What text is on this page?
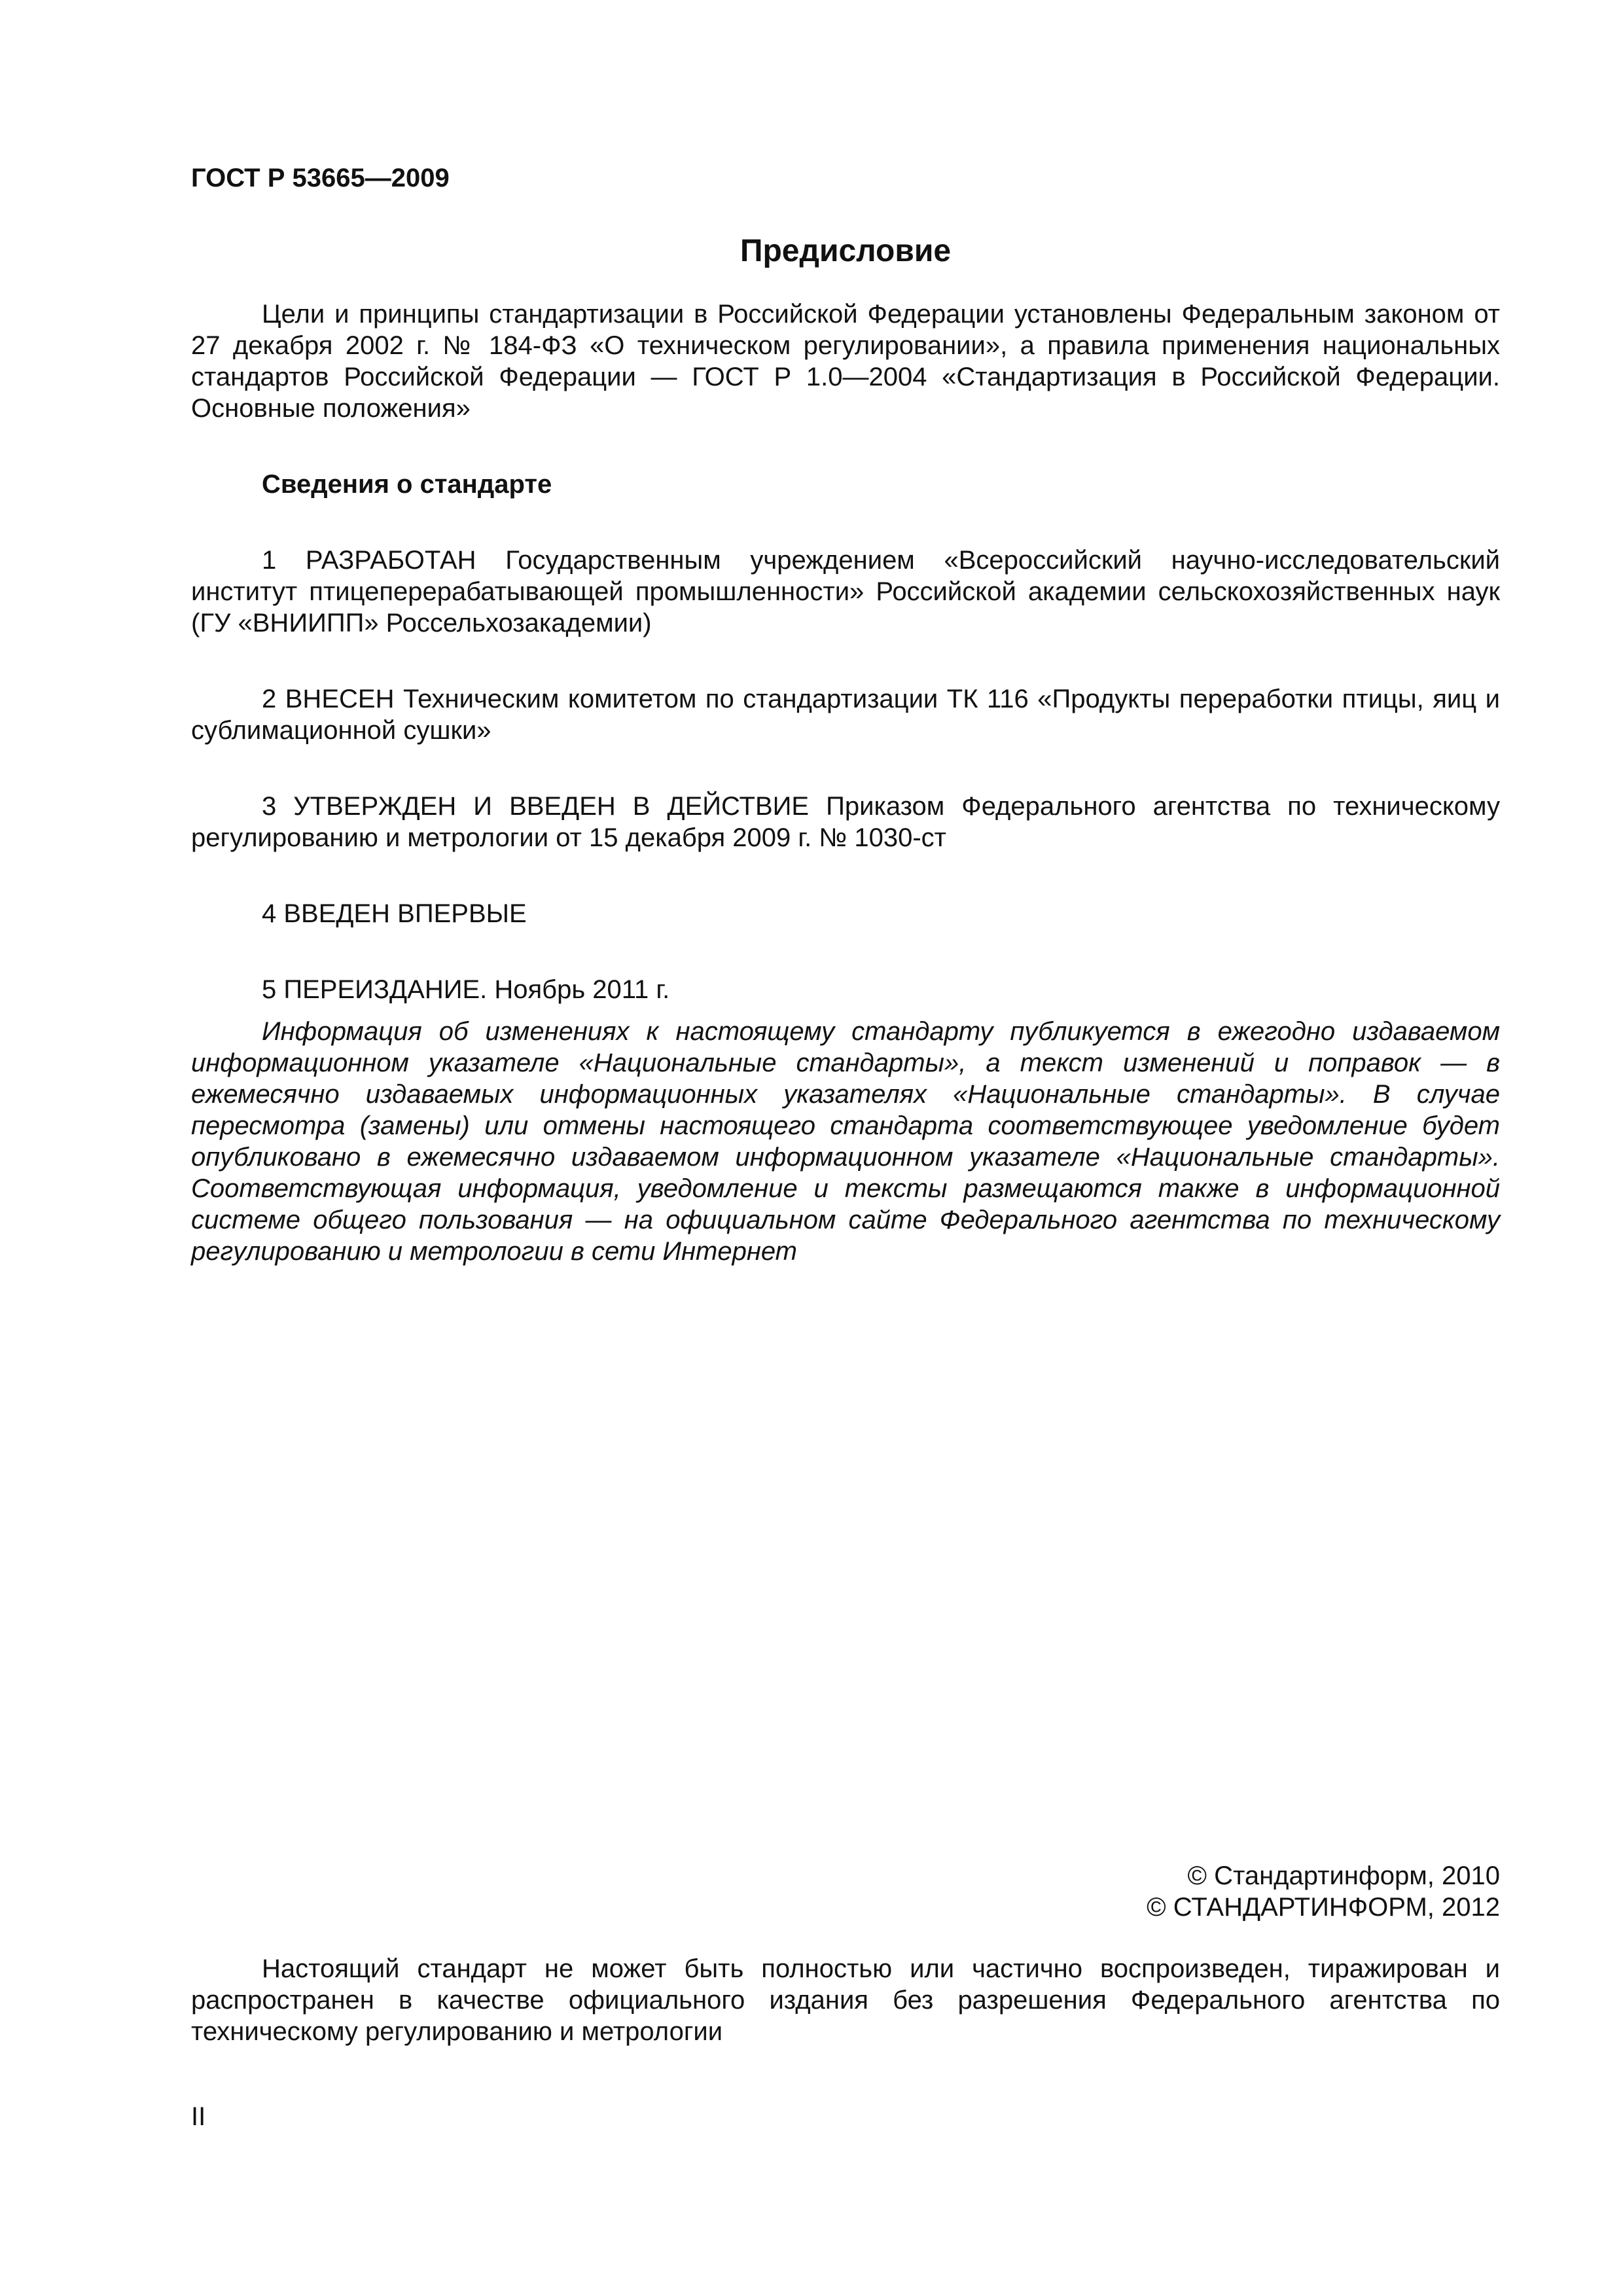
ГОСТ Р 53665—2009
Предисловие

Цели и принципы стандартизации в Российской Федерации установлены Федеральным законом от 27 декабря 2002 г. № 184-ФЗ «О техническом регулировании», а правила применения национальных стандартов Российской Федерации — ГОСТ Р 1.0—2004 «Стандартизация в Российской Федерации. Основные положения»

Сведения о стандарте

1 РАЗРАБОТАН Государственным учреждением «Всероссийский научно-исследовательский институт птицеперерабатывающей промышленности» Российской академии сельскохозяйственных наук (ГУ «ВНИИПП» Россельхозакадемии)

2 ВНЕСЕН Техническим комитетом по стандартизации ТК 116 «Продукты переработки птицы, яиц и сублимационной сушки»

3 УТВЕРЖДЕН И ВВЕДЕН В ДЕЙСТВИЕ Приказом Федерального агентства по техническому регулированию и метрологии от 15 декабря 2009 г. № 1030-ст

4 ВВЕДЕН ВПЕРВЫЕ

5 ПЕРЕИЗДАНИЕ. Ноябрь 2011 г.

Информация об изменениях к настоящему стандарту публикуется в ежегодно издаваемом информационном указателе «Национальные стандарты», а текст изменений и поправок — в ежемесячно издаваемых информационных указателях «Национальные стандарты». В случае пересмотра (замены) или отмены настоящего стандарта соответствующее уведомление будет опубликовано в ежемесячно издаваемом информационном указателе «Национальные стандарты». Соответствующая информация, уведомление и тексты размещаются также в информационной системе общего пользования — на официальном сайте Федерального агентства по техническому регулированию и метрологии в сети Интернет

© Стандартинформ, 2010
© СТАНДАРТИНФОРМ, 2012

Настоящий стандарт не может быть полностью или частично воспроизведен, тиражирован и распространен в качестве официального издания без разрешения Федерального агентства по техническому регулированию и метрологии

II
